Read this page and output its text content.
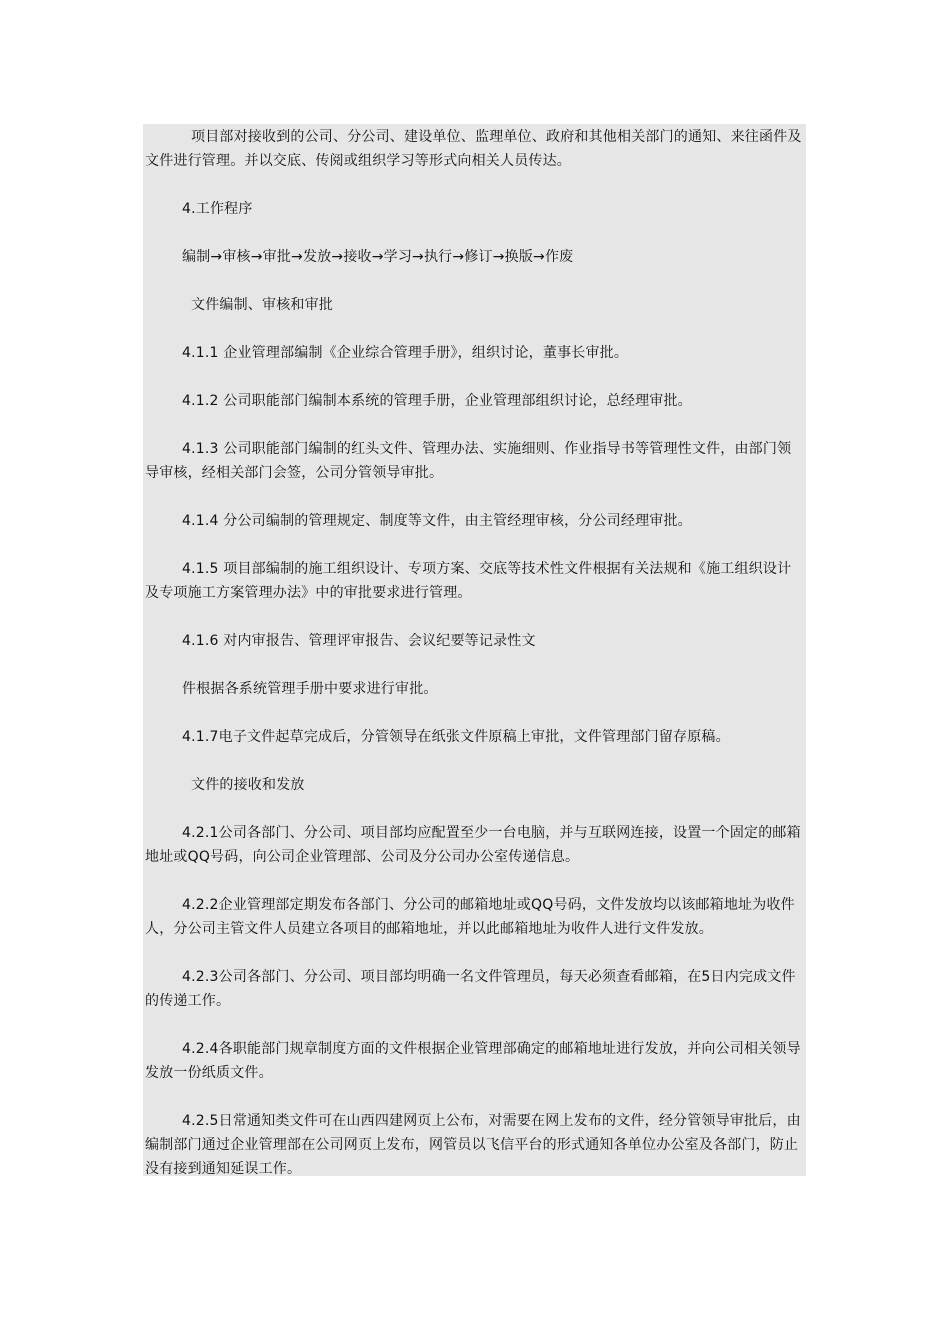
项目部对接收到的公司、分公司、建设单位、监理单位、政府和其他相关部门的通知、来往函件及文件进行管理。并以交底、传阅或组织学习等形式向相关人员传达。

4.工作程序

编制→审核→审批→发放→接收→学习→执行→修订→换版→作废

文件编制、审核和审批

4.1.1 企业管理部编制《企业综合管理手册》，组织讨论，董事长审批。

4.1.2 公司职能部门编制本系统的管理手册，企业管理部组织讨论，总经理审批。

4.1.3 公司职能部门编制的红头文件、管理办法、实施细则、作业指导书等管理性文件，由部门领导审核，经相关部门会签，公司分管领导审批。

4.1.4 分公司编制的管理规定、制度等文件，由主管经理审核，分公司经理审批。

4.1.5 项目部编制的施工组织设计、专项方案、交底等技术性文件根据有关法规和《施工组织设计及专项施工方案管理办法》中的审批要求进行管理。

4.1.6 对内审报告、管理评审报告、会议纪要等记录性文

件根据各系统管理手册中要求进行审批。

4.1.7电子文件起草完成后，分管领导在纸张文件原稿上审批，文件管理部门留存原稿。

文件的接收和发放

4.2.1公司各部门、分公司、项目部均应配置至少一台电脑，并与互联网连接，设置一个固定的邮箱地址或QQ号码，向公司企业管理部、公司及分公司办公室传递信息。

4.2.2企业管理部定期发布各部门、分公司的邮箱地址或QQ号码，文件发放均以该邮箱地址为收件人，分公司主管文件人员建立各项目的邮箱地址，并以此邮箱地址为收件人进行文件发放。

4.2.3公司各部门、分公司、项目部均明确一名文件管理员，每天必须查看邮箱，在5日内完成文件的传递工作。

4.2.4各职能部门规章制度方面的文件根据企业管理部确定的邮箱地址进行发放，并向公司相关领导发放一份纸质文件。

4.2.5日常通知类文件可在山西四建网页上公布，对需要在网上发布的文件，经分管领导审批后，由编制部门通过企业管理部在公司网页上发布，网管员以飞信平台的形式通知各单位办公室及各部门，防止没有接到通知延误工作。
